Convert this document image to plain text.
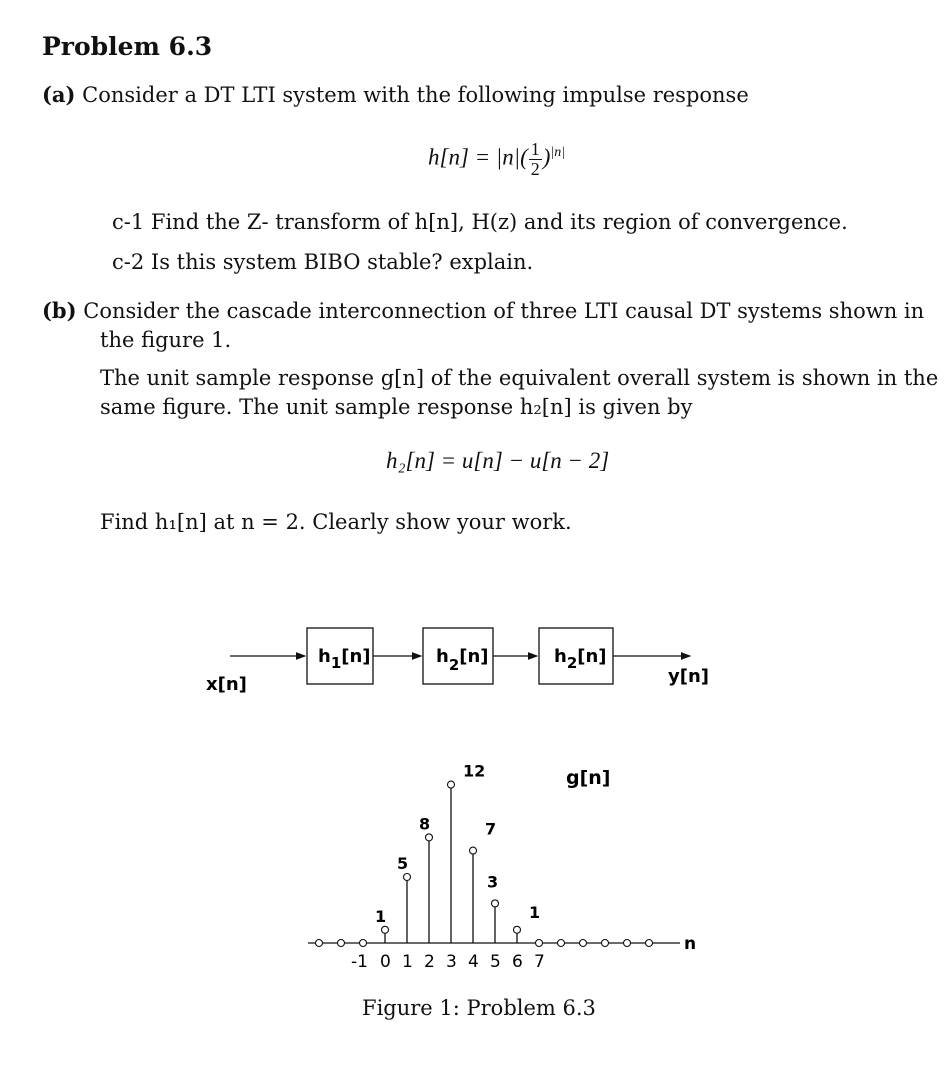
Problem 6.3
(a) Consider a DT LTI system with the following impulse response
$h[n] = |n|( \frac{1}{2} )^{|n|}$
c-1 Find the Z- transform of h[n], H(z) and its region of convergence.
c-2 Is this system BIBO stable? explain.
(b) Consider the cascade interconnection of three LTI causal DT systems shown in
the figure 1.
The unit sample response g[n] of the equivalent overall system is shown in the
same figure. The unit sample response h₂[n] is given by
h₂[n] = u[n] − u[n − 2]
Find h₁[n] at n = 2. Clearly show your work.
$h_1[n]$	$h_2[n]$	$h_2[n]$
x[n]	y[n]
n
g[n]
1
5
8
12
7
3
1
-1 0 1 2 3 4 5 6 7
Figure 1: Problem 6.3
